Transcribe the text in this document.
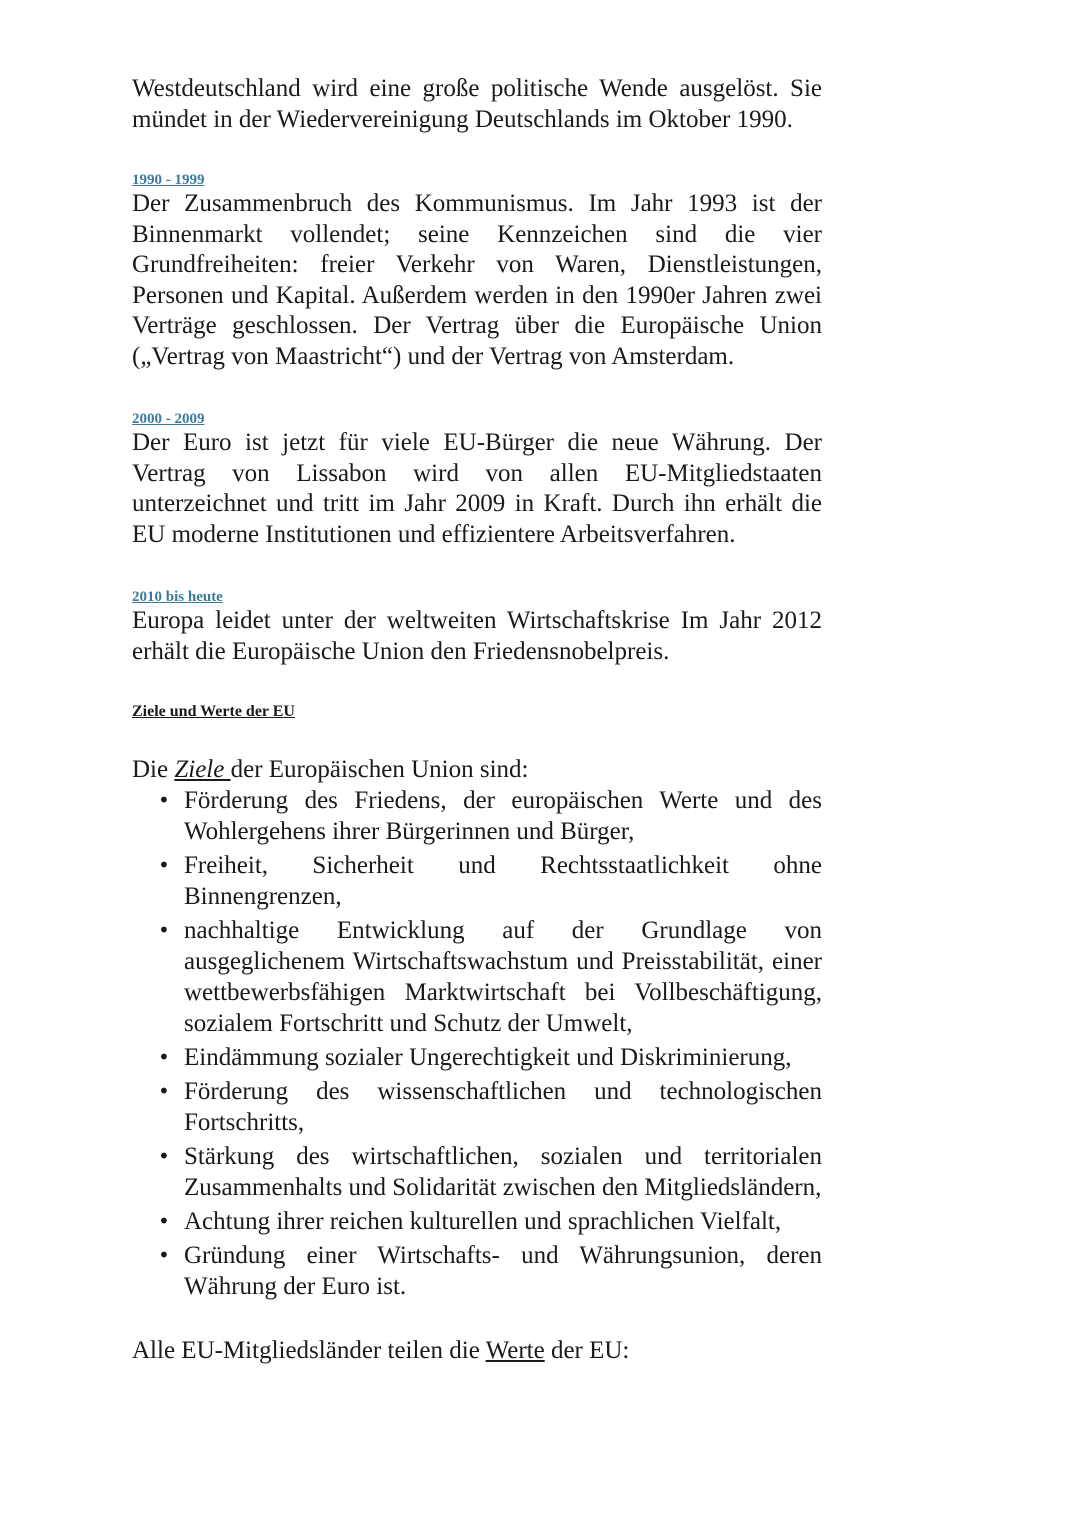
Westdeutschland wird eine große politische Wende ausgelöst. Sie mündet in der Wiedervereinigung Deutschlands im Oktober 1990.

1990 - 1999

Der Zusammenbruch des Kommunismus. Im Jahr 1993 ist der Binnenmarkt vollendet; seine Kennzeichen sind die vier Grundfreiheiten: freier Verkehr von Waren, Dienstleistungen, Personen und Kapital. Außerdem werden in den 1990er Jahren zwei Verträge geschlossen. Der Vertrag über die Europäische Union („Vertrag von Maastricht“) und der Vertrag von Amsterdam.

2000 - 2009

Der Euro ist jetzt für viele EU-Bürger die neue Währung. Der Vertrag von Lissabon wird von allen EU-Mitgliedstaaten unterzeichnet und tritt im Jahr 2009 in Kraft. Durch ihn erhält die EU moderne Institutionen und effizientere Arbeitsverfahren.

2010 bis heute

Europa leidet unter der weltweiten Wirtschaftskrise Im Jahr 2012 erhält die Europäische Union den Friedensnobelpreis.

Ziele und Werte der EU

Die Ziele der Europäischen Union sind:

• Förderung des Friedens, der europäischen Werte und des Wohlergehens ihrer Bürgerinnen und Bürger,
• Freiheit, Sicherheit und Rechtsstaatlichkeit ohne Binnengrenzen,
• nachhaltige Entwicklung auf der Grundlage von ausgeglichenem Wirtschaftswachstum und Preisstabilität, einer wettbewerbsfähigen Marktwirtschaft bei Vollbeschäftigung, sozialem Fortschritt und Schutz der Umwelt,
• Eindämmung sozialer Ungerechtigkeit und Diskriminierung,
• Förderung des wissenschaftlichen und technologischen Fortschritts,
• Stärkung des wirtschaftlichen, sozialen und territorialen Zusammenhalts und Solidarität zwischen den Mitgliedsländern,
• Achtung ihrer reichen kulturellen und sprachlichen Vielfalt,
• Gründung einer Wirtschafts- und Währungsunion, deren Währung der Euro ist.

Alle EU-Mitgliedsländer teilen die Werte der EU:
